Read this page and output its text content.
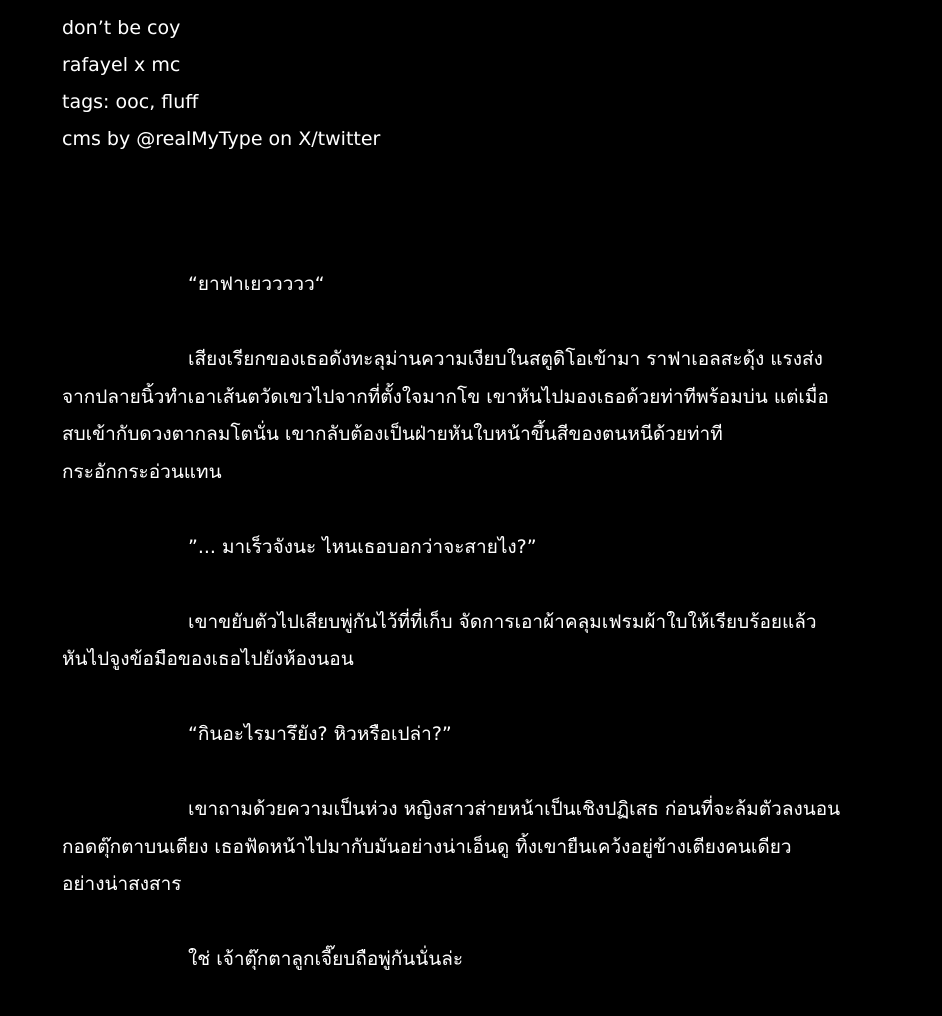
don’t be coy
rafayel x mc
tags: ooc, fluff
cms by @realMyType on X/twitter
“ยาฟาเยววววว“
เสียงเรียกของเธอดังทะลุม่านความเงียบในสตูดิโอเข้ามา ราฟาเอลสะดุ้ง แรงส่ง
จากปลายนิ้วทำเอาเส้นตวัดเขวไปจากที่ตั้งใจมากโข เขาหันไปมองเธอด้วยท่าทีพร้อมบ่น แต่เมื่อ
สบเข้ากับดวงตากลมโตนั่น เขากลับต้องเป็นฝ่ายหันใบหน้าขึ้นสีของตนหนีด้วยท่าที
กระอักกระอ่วนแทน
”... มาเร็วจังนะ ไหนเธอบอกว่าจะสายไง?”
เขาขยับตัวไปเสียบพู่กันไว้ที่ที่เก็บ จัดการเอาผ้าคลุมเฟรมผ้าใบให้เรียบร้อยแล้ว
หันไปจูงข้อมือของเธอไปยังห้องนอน
“กินอะไรมารึยัง? หิวหรือเปล่า?”
เขาถามด้วยความเป็นห่วง หญิงสาวส่ายหน้าเป็นเชิงปฏิเสธ ก่อนที่จะล้มตัวลงนอน
กอดตุ๊กตาบนเตียง เธอฟัดหน้าไปมากับมันอย่างน่าเอ็นดู ทิ้งเขายืนเคว้งอยู่ข้างเตียงคนเดียว
อย่างน่าสงสาร
ใช่ เจ้าตุ๊กตาลูกเจี๊ยบถือพู่กันนั่นล่ะ
